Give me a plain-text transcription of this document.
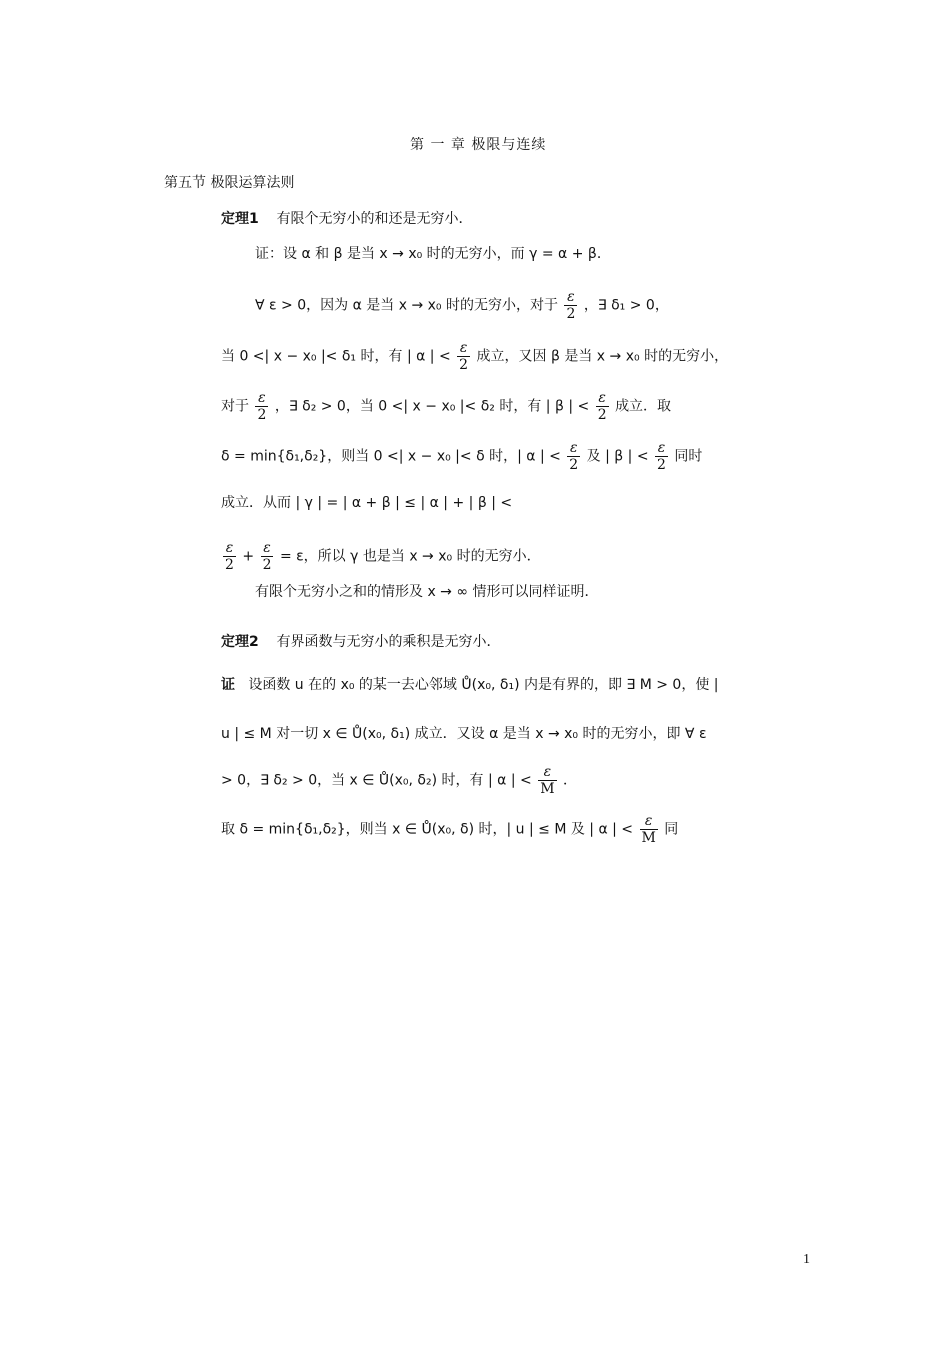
第 一 章 极限与连续
第五节 极限运算法则
定理1 有限个无穷小的和还是无穷小．
证：设 α 和 β 是当 x → x₀ 时的无穷小，而 γ = α + β．
∀ ε > 0，因为 α 是当 x → x₀ 时的无穷小，对于 $\frac{\varepsilon}{2}$ ，∃ δ₁ > 0，
当 0 <| x − x₀ |< δ₁ 时，有 | α | < $\frac{\varepsilon}{2}$ 成立，又因 β 是当 x → x₀ 时的无穷小，
对于 $\frac{\varepsilon}{2}$ ，∃ δ₂ > 0，当 0 <| x − x₀ |< δ₂ 时，有 | β | < $\frac{\varepsilon}{2}$ 成立．取
δ = min{δ₁,δ₂}，则当 0 <| x − x₀ |< δ 时，| α | < $\frac{\varepsilon}{2}$ 及 | β | < $\frac{\varepsilon}{2}$ 同时
成立．从而 | γ | = | α + β | ≤ | α | + | β | <
$\frac{\varepsilon}{2} + \frac{\varepsilon}{2} = \varepsilon$，所以 γ 也是当 x → x₀ 时的无穷小．
有限个无穷小之和的情形及 x → ∞ 情形可以同样证明．
定理2 有界函数与无穷小的乘积是无穷小．
证 设函数 u 在的 x₀ 的某一去心邻域 Ů(x₀, δ₁) 内是有界的，即 ∃ M > 0，使 |
u | ≤ M 对一切 x ∈ Ů(x₀, δ₁) 成立．又设 α 是当 x → x₀ 时的无穷小，即 ∀ ε
> 0，∃ δ₂ > 0，当 x ∈ Ů(x₀, δ₂) 时，有 | α | < $\frac{\varepsilon}{M}$ ．
取 δ = min{δ₁,δ₂}，则当 x ∈ Ů(x₀, δ) 时，| u | ≤ M 及 | α | < $\frac{\varepsilon}{M}$ 同
1
